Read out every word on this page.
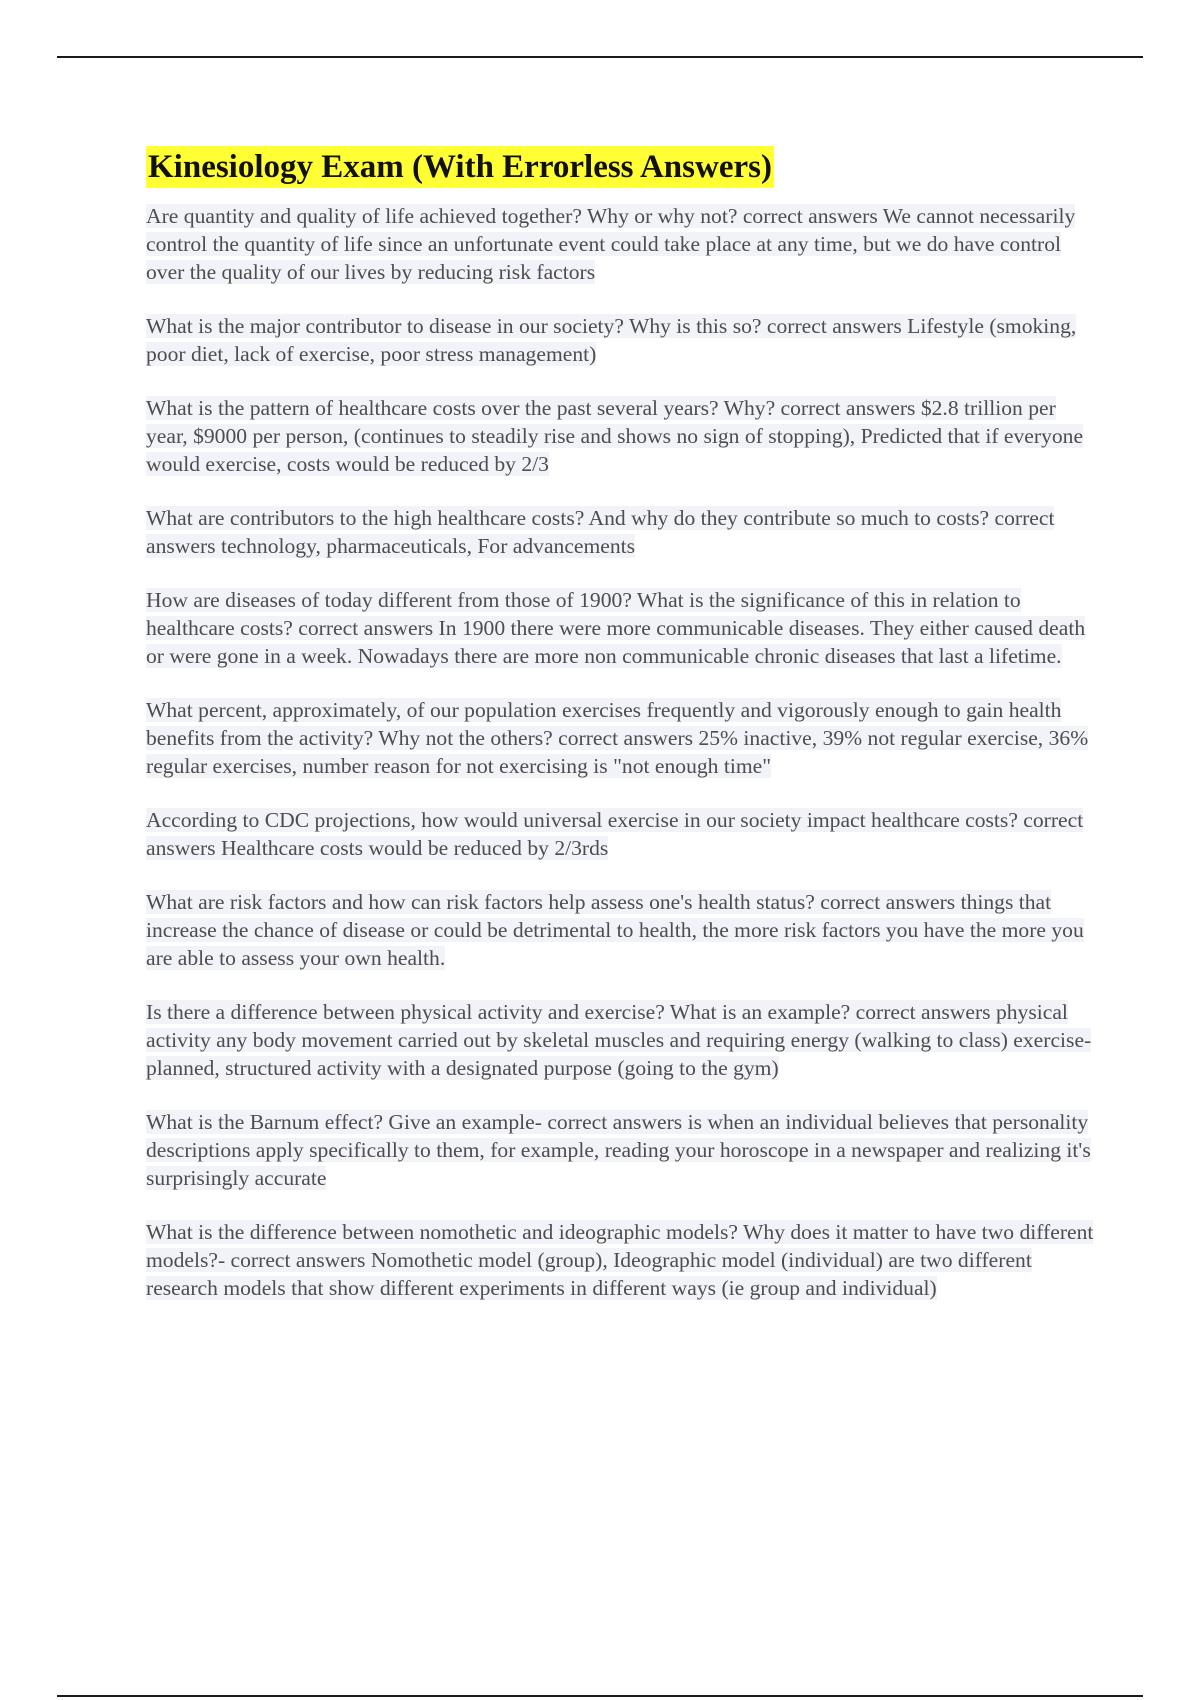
Kinesiology Exam (With Errorless Answers)

Are quantity and quality of life achieved together? Why or why not? correct answers We cannot necessarily control the quantity of life since an unfortunate event could take place at any time, but we do have control over the quality of our lives by reducing risk factors

What is the major contributor to disease in our society? Why is this so? correct answers Lifestyle (smoking, poor diet, lack of exercise, poor stress management)

What is the pattern of healthcare costs over the past several years? Why? correct answers $2.8 trillion per year, $9000 per person, (continues to steadily rise and shows no sign of stopping), Predicted that if everyone would exercise, costs would be reduced by 2/3

What are contributors to the high healthcare costs? And why do they contribute so much to costs? correct answers technology, pharmaceuticals, For advancements

How are diseases of today different from those of 1900? What is the significance of this in relation to healthcare costs? correct answers In 1900 there were more communicable diseases. They either caused death or were gone in a week. Nowadays there are more non communicable chronic diseases that last a lifetime.

What percent, approximately, of our population exercises frequently and vigorously enough to gain health benefits from the activity? Why not the others? correct answers 25% inactive, 39% not regular exercise, 36% regular exercises, number reason for not exercising is "not enough time"

According to CDC projections, how would universal exercise in our society impact healthcare costs? correct answers Healthcare costs would be reduced by 2/3rds

What are risk factors and how can risk factors help assess one's health status? correct answers things that increase the chance of disease or could be detrimental to health, the more risk factors you have the more you are able to assess your own health.

Is there a difference between physical activity and exercise? What is an example? correct answers physical activity any body movement carried out by skeletal muscles and requiring energy (walking to class) exercise-planned, structured activity with a designated purpose (going to the gym)

What is the Barnum effect? Give an example- correct answers is when an individual believes that personality descriptions apply specifically to them, for example, reading your horoscope in a newspaper and realizing it's surprisingly accurate

What is the difference between nomothetic and ideographic models? Why does it matter to have two different models?- correct answers Nomothetic model (group), Ideographic model (individual) are two different research models that show different experiments in different ways (ie group and individual)
